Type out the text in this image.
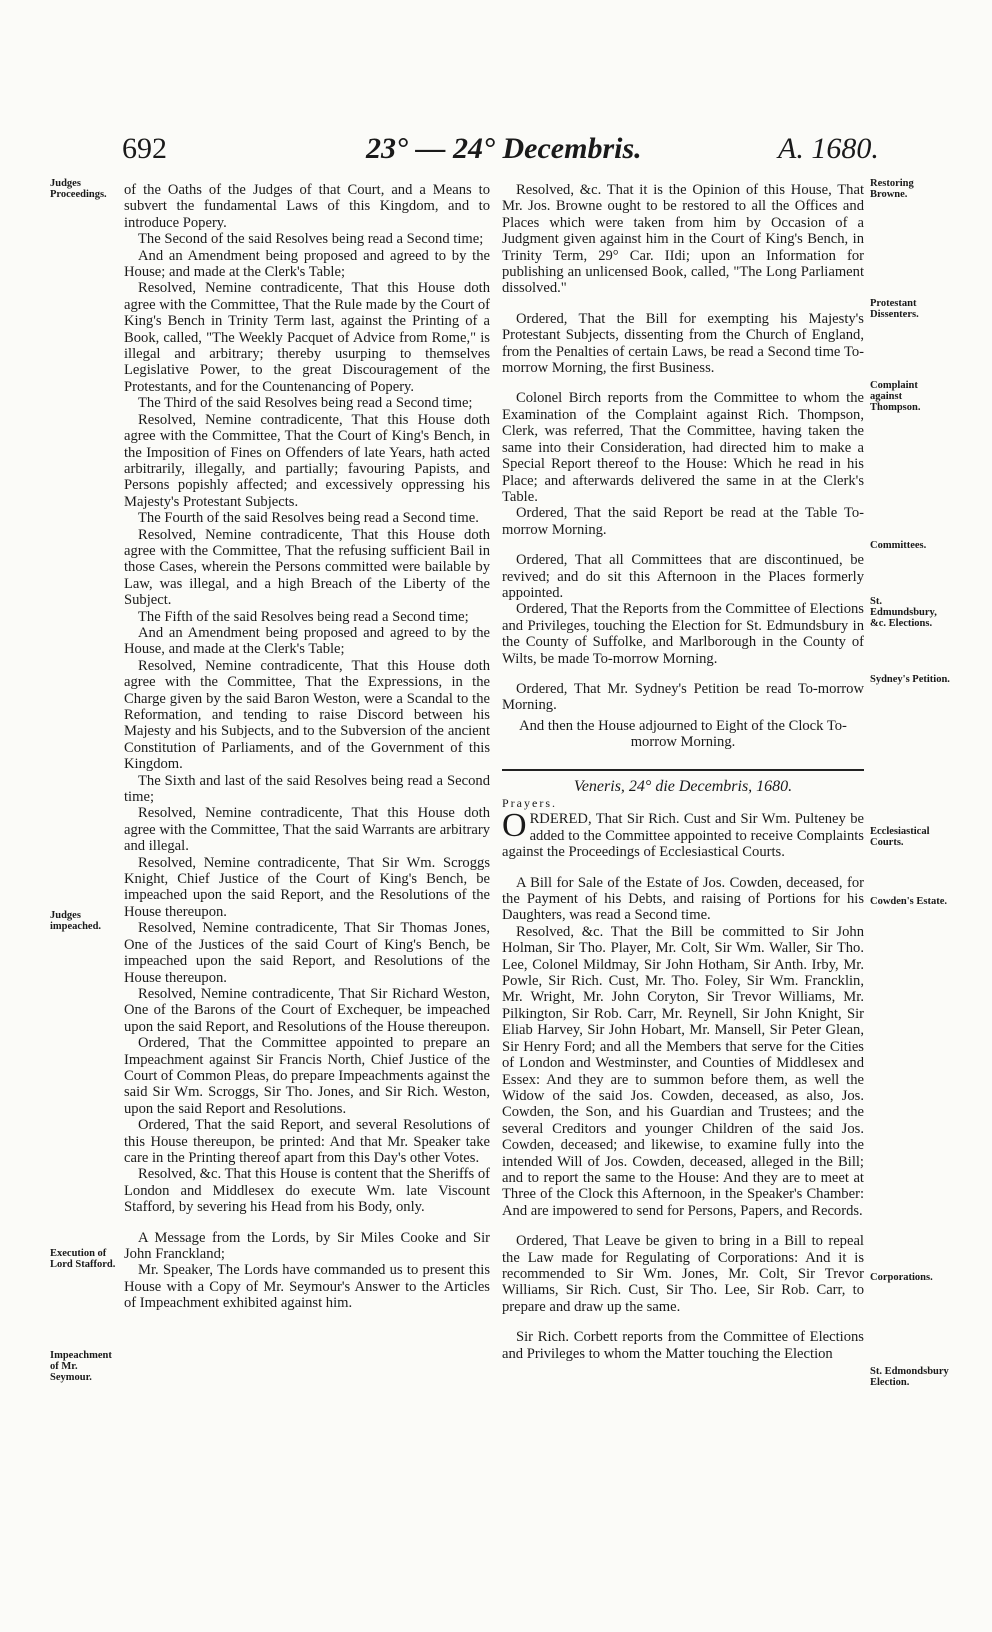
692	23° — 24° Decembris.	A. 1680.
Judges Proceedings.
Judges impeached.
Execution of Lord Stafford.
Impeachment of Mr. Seymour.
Restoring Browne.
Protestant Dissenters.
Complaint against Thompson.
Committees.
St. Edmundsbury, &c. Elections.
Sydney's Petition.
Ecclesiastical Courts.
Cowden's Estate.
Corporations.
St. Edmondsbury Election.

of the Oaths of the Judges of that Court, and a Means to subvert the fundamental Laws of this Kingdom, and to introduce Popery.

The Second of the said Resolves being read a Second time;

And an Amendment being proposed and agreed to by the House; and made at the Clerk's Table;

Resolved, Nemine contradicente, That this House doth agree with the Committee, That the Rule made by the Court of King's Bench in Trinity Term last, against the Printing of a Book, called, "The Weekly Pacquet of Advice from Rome," is illegal and arbitrary; thereby usurping to themselves Legislative Power, to the great Discouragement of the Protestants, and for the Countenancing of Popery.

The Third of the said Resolves being read a Second time;

Resolved, Nemine contradicente, That this House doth agree with the Committee, That the Court of King's Bench, in the Imposition of Fines on Offenders of late Years, hath acted arbitrarily, illegally, and partially; favouring Papists, and Persons popishly affected; and excessively oppressing his Majesty's Protestant Subjects.

The Fourth of the said Resolves being read a Second time.

Resolved, Nemine contradicente, That this House doth agree with the Committee, That the refusing sufficient Bail in those Cases, wherein the Persons committed were bailable by Law, was illegal, and a high Breach of the Liberty of the Subject.

The Fifth of the said Resolves being read a Second time;

And an Amendment being proposed and agreed to by the House, and made at the Clerk's Table;

Resolved, Nemine contradicente, That this House doth agree with the Committee, That the Expressions, in the Charge given by the said Baron Weston, were a Scandal to the Reformation, and tending to raise Discord between his Majesty and his Subjects, and to the Subversion of the ancient Constitution of Parliaments, and of the Government of this Kingdom.

The Sixth and last of the said Resolves being read a Second time;

Resolved, Nemine contradicente, That this House doth agree with the Committee, That the said Warrants are arbitrary and illegal.

Resolved, Nemine contradicente, That Sir Wm. Scroggs Knight, Chief Justice of the Court of King's Bench, be impeached upon the said Report, and the Resolutions of the House thereupon.

Resolved, Nemine contradicente, That Sir Thomas Jones, One of the Justices of the said Court of King's Bench, be impeached upon the said Report, and Resolutions of the House thereupon.

Resolved, Nemine contradicente, That Sir Richard Weston, One of the Barons of the Court of Exchequer, be impeached upon the said Report, and Resolutions of the House thereupon.

Ordered, That the Committee appointed to prepare an Impeachment against Sir Francis North, Chief Justice of the Court of Common Pleas, do prepare Impeachments against the said Sir Wm. Scroggs, Sir Tho. Jones, and Sir Rich. Weston, upon the said Report and Resolutions.

Ordered, That the said Report, and several Resolutions of this House thereupon, be printed: And that Mr. Speaker take care in the Printing thereof apart from this Day's other Votes.

Resolved, &c. That this House is content that the Sheriffs of London and Middlesex do execute Wm. late Viscount Stafford, by severing his Head from his Body, only.

A Message from the Lords, by Sir Miles Cooke and Sir John Franckland;

Mr. Speaker, The Lords have commanded us to present this House with a Copy of Mr. Seymour's Answer to the Articles of Impeachment exhibited against him.

Resolved, &c. That it is the Opinion of this House, That Mr. Jos. Browne ought to be restored to all the Offices and Places which were taken from him by Occasion of a Judgment given against him in the Court of King's Bench, in Trinity Term, 29° Car. IIdi; upon an Information for publishing an unlicensed Book, called, "The Long Parliament dissolved."

Ordered, That the Bill for exempting his Majesty's Protestant Subjects, dissenting from the Church of England, from the Penalties of certain Laws, be read a Second time To-morrow Morning, the first Business.

Colonel Birch reports from the Committee to whom the Examination of the Complaint against Rich. Thompson, Clerk, was referred, That the Committee, having taken the same into their Consideration, had directed him to make a Special Report thereof to the House: Which he read in his Place; and afterwards delivered the same in at the Clerk's Table.

Ordered, That the said Report be read at the Table To-morrow Morning.

Ordered, That all Committees that are discontinued, be revived; and do sit this Afternoon in the Places formerly appointed.

Ordered, That the Reports from the Committee of Elections and Privileges, touching the Election for St. Edmundsbury in the County of Suffolke, and Marlborough in the County of Wilts, be made To-morrow Morning.

Ordered, That Mr. Sydney's Petition be read To-morrow Morning.

And then the House adjourned to Eight of the Clock To-morrow Morning.

Veneris, 24° die Decembris, 1680.

Prayers.

ORDERED, That Sir Rich. Cust and Sir Wm. Pulteney be added to the Committee appointed to receive Complaints against the Proceedings of Ecclesiastical Courts.

A Bill for Sale of the Estate of Jos. Cowden, deceased, for the Payment of his Debts, and raising of Portions for his Daughters, was read a Second time.

Resolved, &c. That the Bill be committed to Sir John Holman, Sir Tho. Player, Mr. Colt, Sir Wm. Waller, Sir Tho. Lee, Colonel Mildmay, Sir John Hotham, Sir Anth. Irby, Mr. Powle, Sir Rich. Cust, Mr. Tho. Foley, Sir Wm. Francklin, Mr. Wright, Mr. John Coryton, Sir Trevor Williams, Mr. Pilkington, Sir Rob. Carr, Mr. Reynell, Sir John Knight, Sir Eliab Harvey, Sir John Hobart, Mr. Mansell, Sir Peter Glean, Sir Henry Ford; and all the Members that serve for the Cities of London and Westminster, and Counties of Middlesex and Essex: And they are to summon before them, as well the Widow of the said Jos. Cowden, deceased, as also, Jos. Cowden, the Son, and his Guardian and Trustees; and the several Creditors and younger Children of the said Jos. Cowden, deceased; and likewise, to examine fully into the intended Will of Jos. Cowden, deceased, alleged in the Bill; and to report the same to the House: And they are to meet at Three of the Clock this Afternoon, in the Speaker's Chamber: And are impowered to send for Persons, Papers, and Records.

Ordered, That Leave be given to bring in a Bill to repeal the Law made for Regulating of Corporations: And it is recommended to Sir Wm. Jones, Mr. Colt, Sir Trevor Williams, Sir Rich. Cust, Sir Tho. Lee, Sir Rob. Carr, to prepare and draw up the same.

Sir Rich. Corbett reports from the Committee of Elections and Privileges to whom the Matter touching the Election
